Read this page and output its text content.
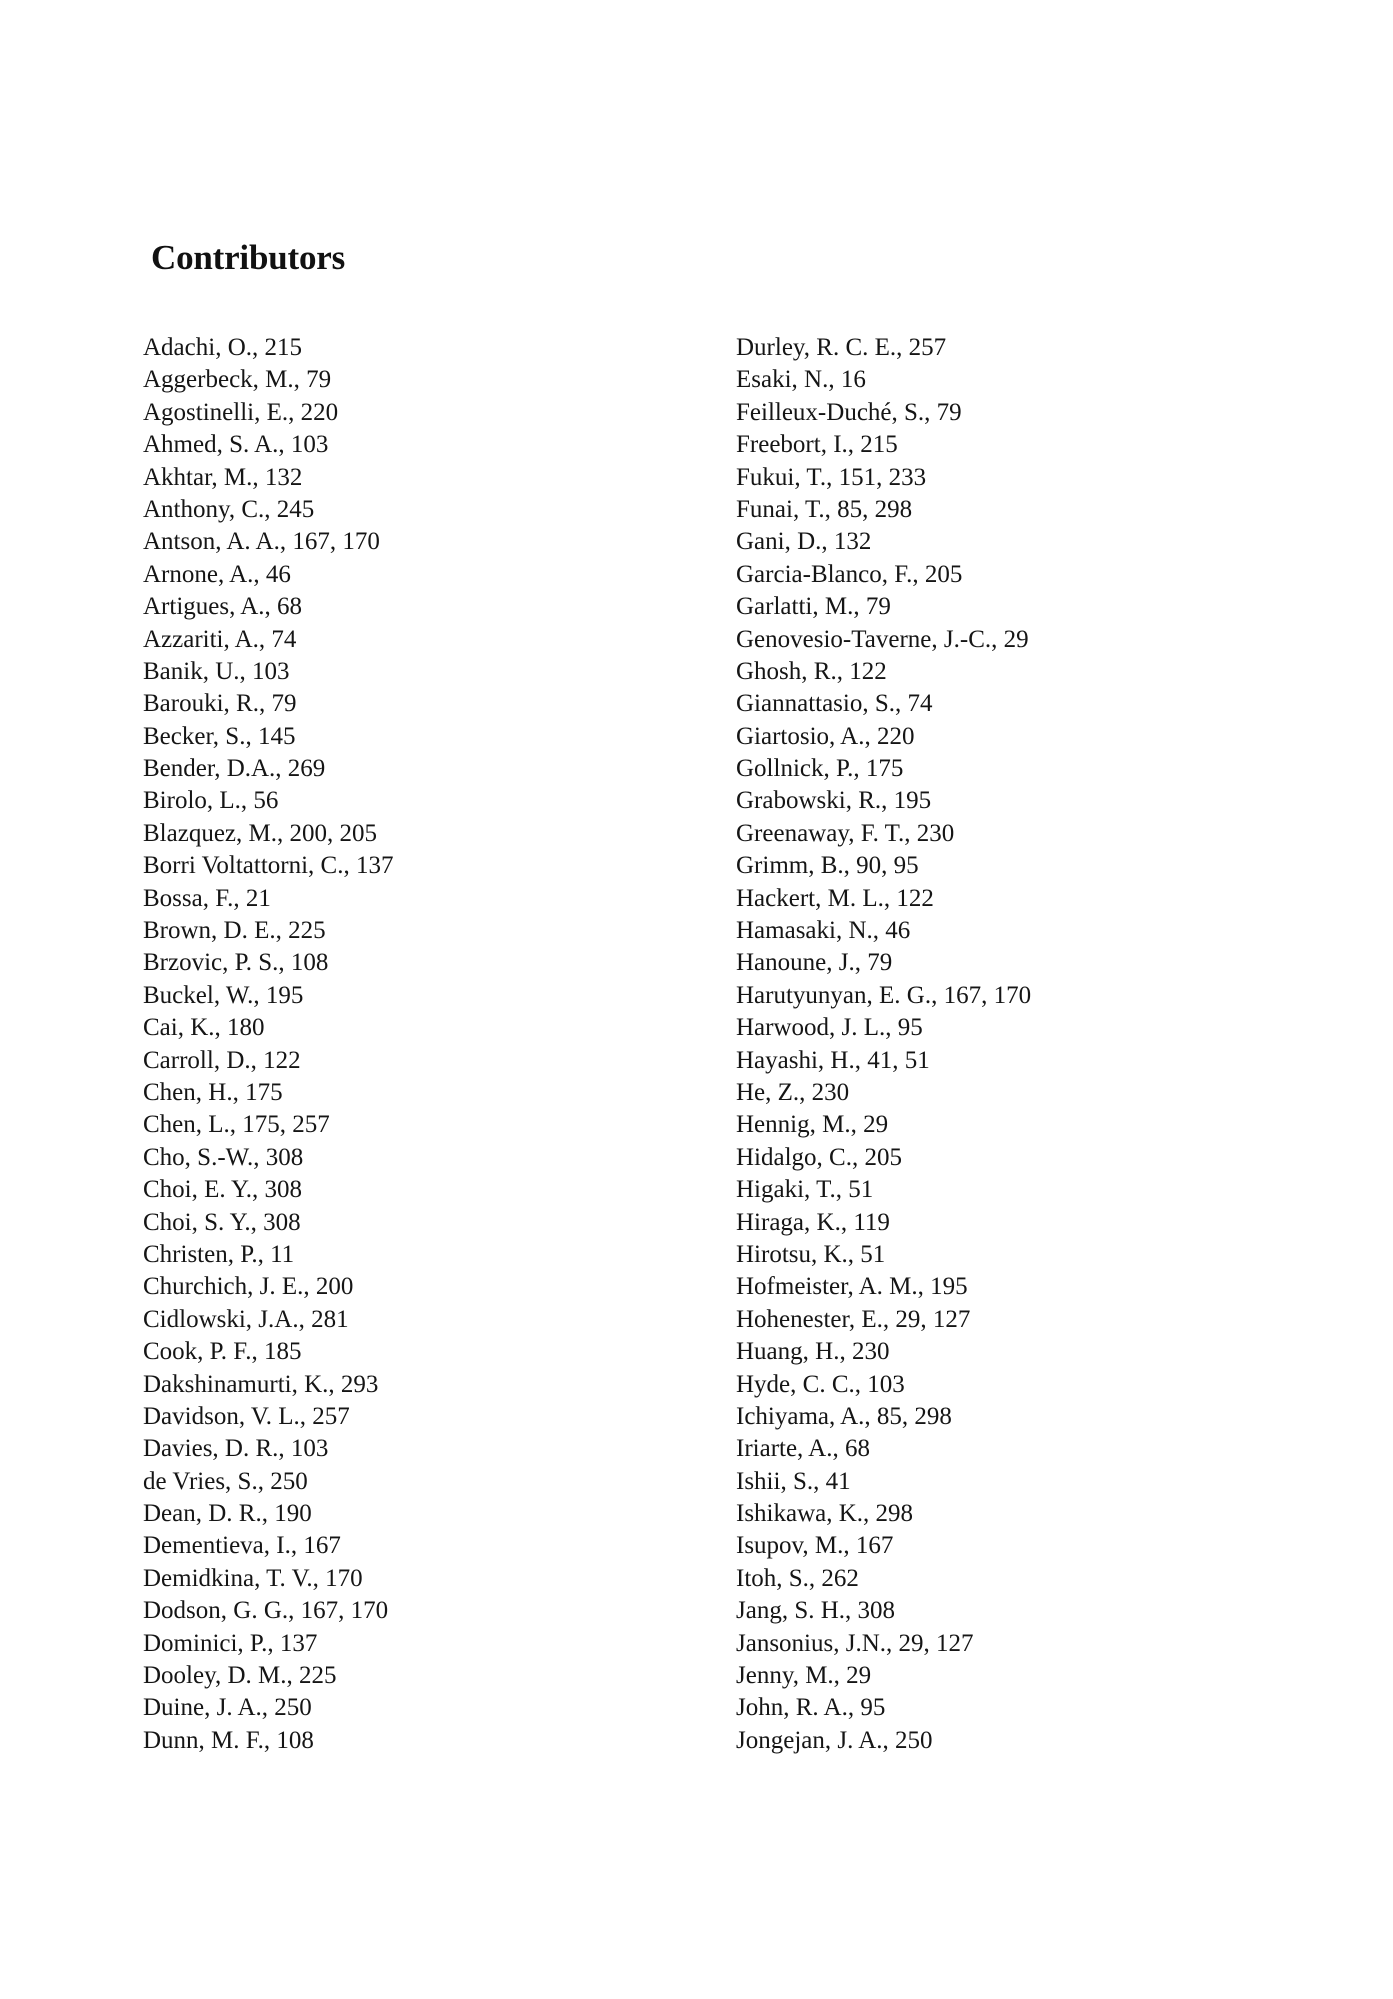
Contributors
Adachi, O., 215
Aggerbeck, M., 79
Agostinelli, E., 220
Ahmed, S. A., 103
Akhtar, M., 132
Anthony, C., 245
Antson, A. A., 167, 170
Arnone, A., 46
Artigues, A., 68
Azzariti, A., 74
Banik, U., 103
Barouki, R., 79
Becker, S., 145
Bender, D.A., 269
Birolo, L., 56
Blazquez, M., 200, 205
Borri Voltattorni, C., 137
Bossa, F., 21
Brown, D. E., 225
Brzovic, P. S., 108
Buckel, W., 195
Cai, K., 180
Carroll, D., 122
Chen, H., 175
Chen, L., 175, 257
Cho, S.-W., 308
Choi, E. Y., 308
Choi, S. Y., 308
Christen, P., 11
Churchich, J. E., 200
Cidlowski, J.A., 281
Cook, P. F., 185
Dakshinamurti, K., 293
Davidson, V. L., 257
Davies, D. R., 103
de Vries, S., 250
Dean, D. R., 190
Dementieva, I., 167
Demidkina, T. V., 170
Dodson, G. G., 167, 170
Dominici, P., 137
Dooley, D. M., 225
Duine, J. A., 250
Dunn, M. F., 108
Durley, R. C. E., 257
Esaki, N., 16
Feilleux-Duché, S., 79
Freebort, I., 215
Fukui, T., 151, 233
Funai, T., 85, 298
Gani, D., 132
Garcia-Blanco, F., 205
Garlatti, M., 79
Genovesio-Taverne, J.-C., 29
Ghosh, R., 122
Giannattasio, S., 74
Giartosio, A., 220
Gollnick, P., 175
Grabowski, R., 195
Greenaway, F. T., 230
Grimm, B., 90, 95
Hackert, M. L., 122
Hamasaki, N., 46
Hanoune, J., 79
Harutyunyan, E. G., 167, 170
Harwood, J. L., 95
Hayashi, H., 41, 51
He, Z., 230
Hennig, M., 29
Hidalgo, C., 205
Higaki, T., 51
Hiraga, K., 119
Hirotsu, K., 51
Hofmeister, A. M., 195
Hohenester, E., 29, 127
Huang, H., 230
Hyde, C. C., 103
Ichiyama, A., 85, 298
Iriarte, A., 68
Ishii, S., 41
Ishikawa, K., 298
Isupov, M., 167
Itoh, S., 262
Jang, S. H., 308
Jansonius, J.N., 29, 127
Jenny, M., 29
John, R. A., 95
Jongejan, J. A., 250
